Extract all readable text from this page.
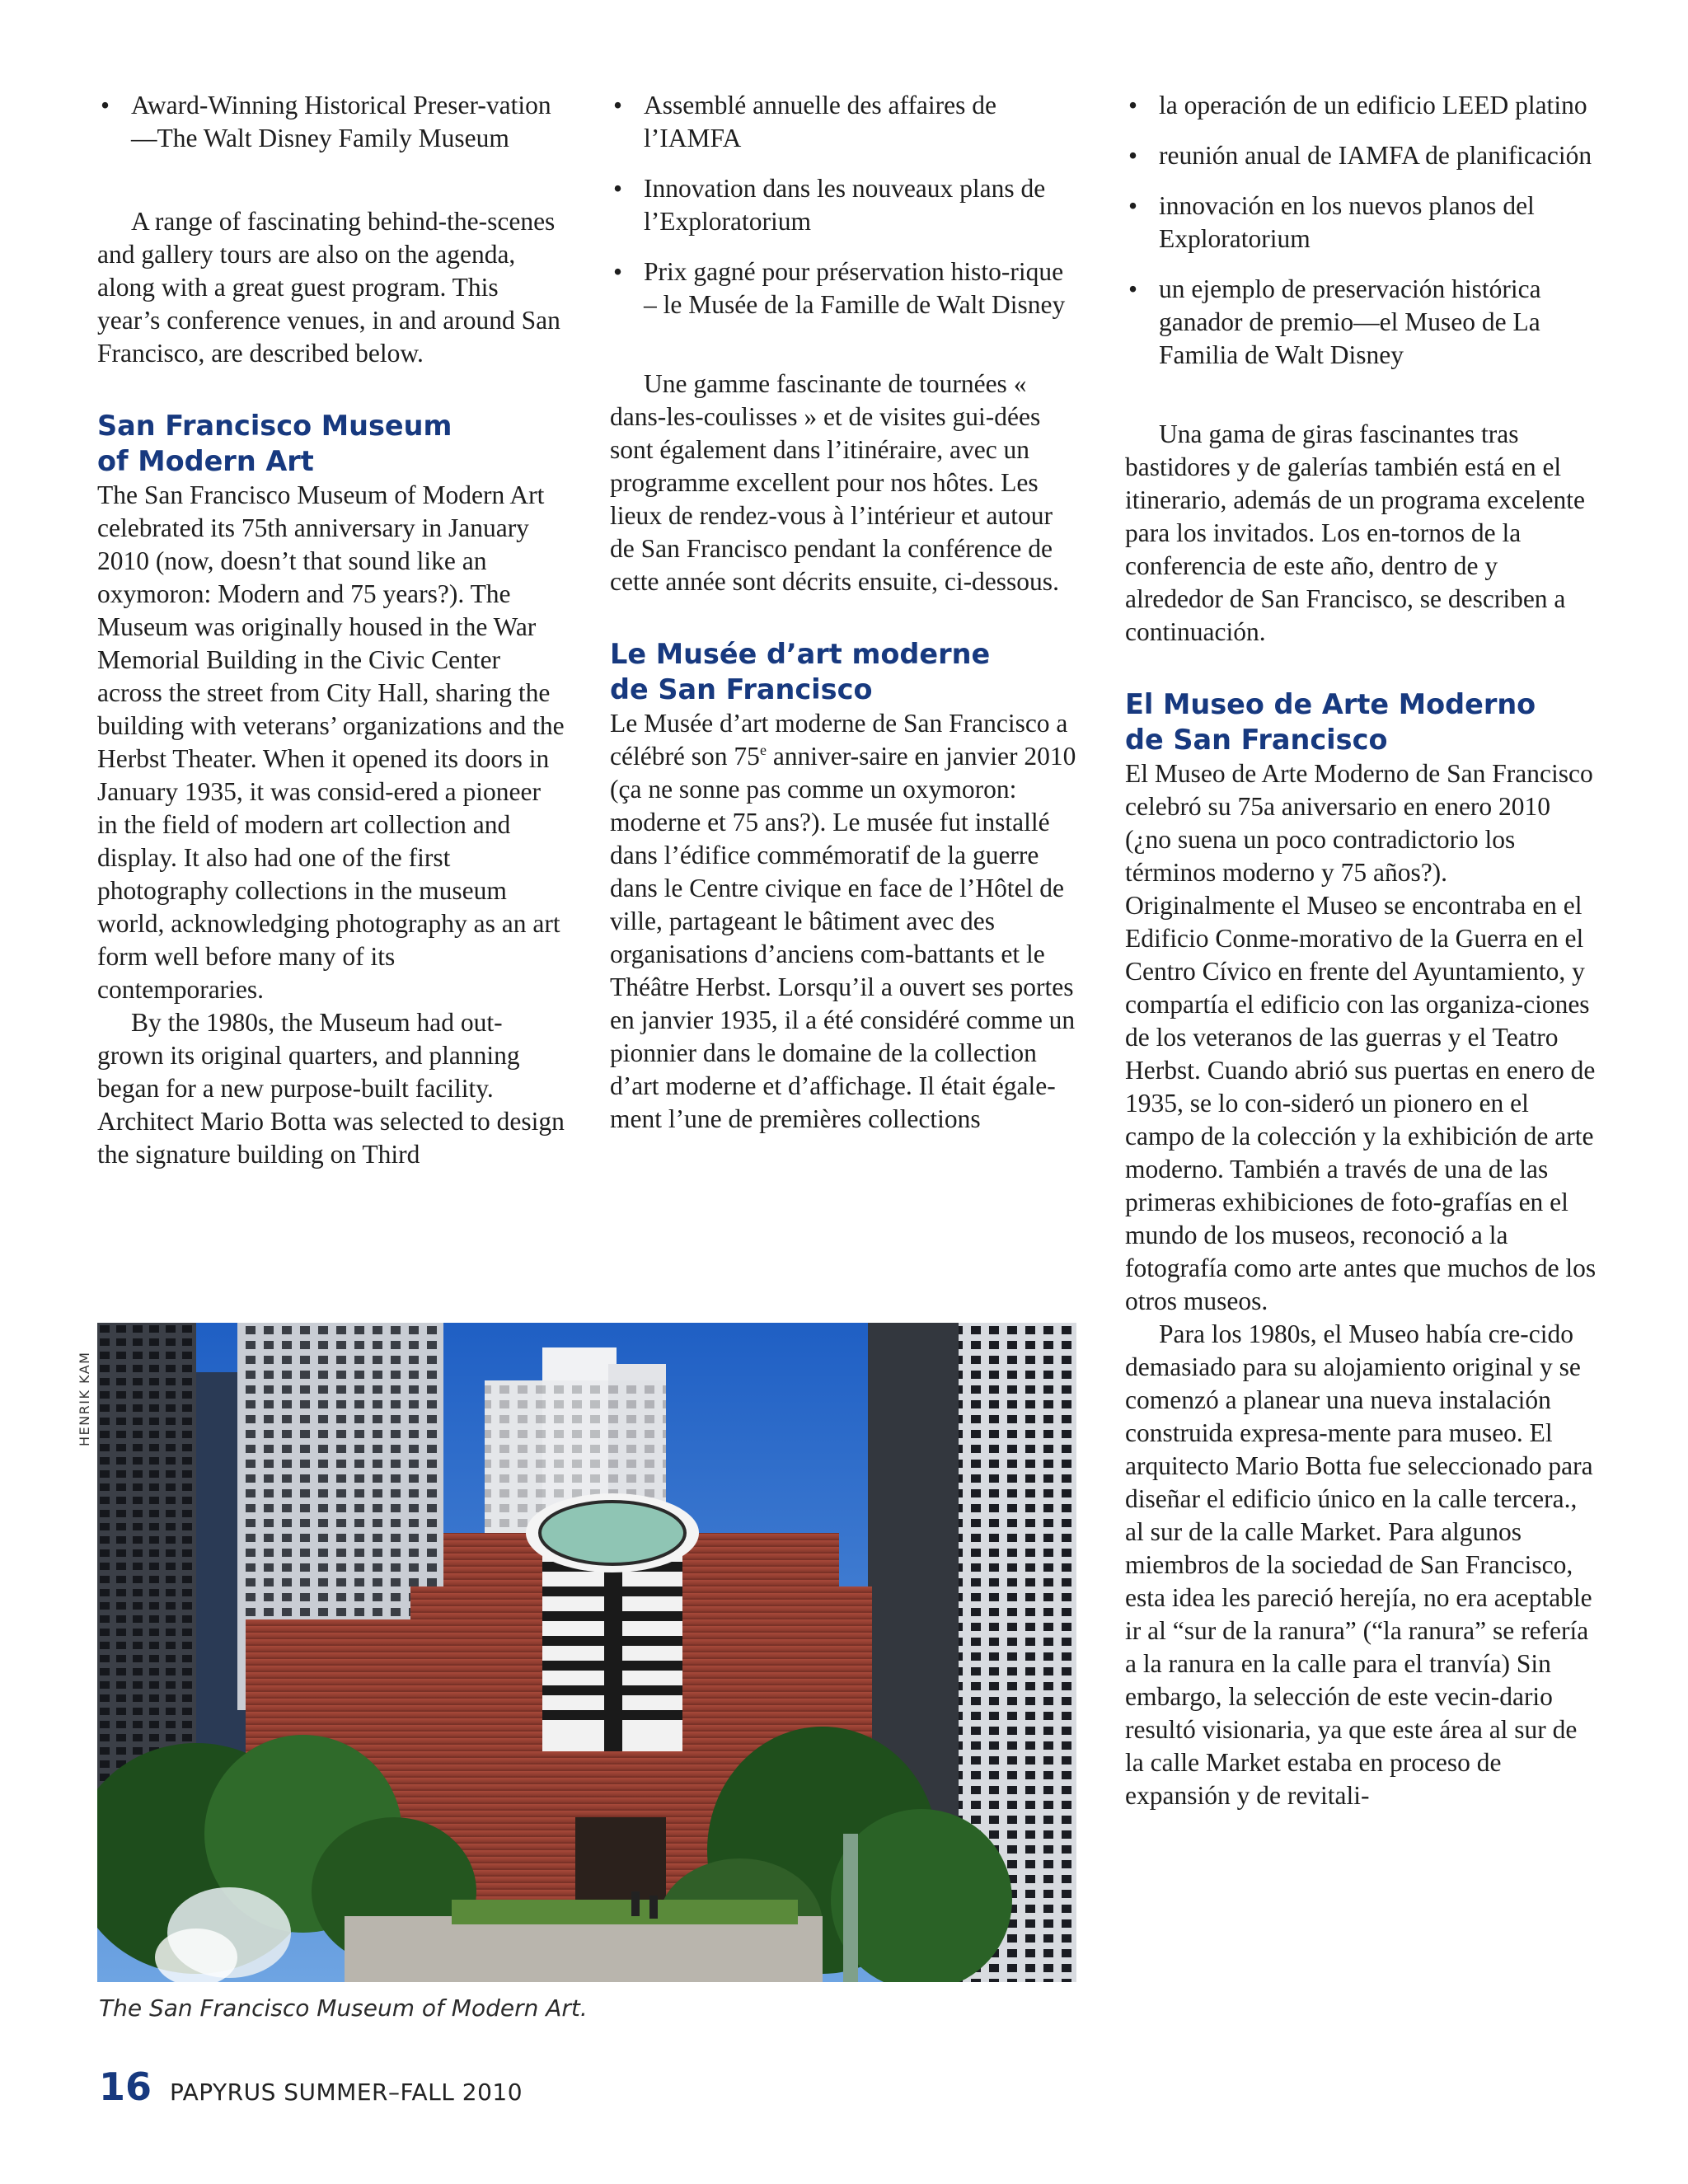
• Award-Winning Historical Preser-vation—The Walt Disney Family Museum

A range of fascinating behind-the-scenes and gallery tours are also on the agenda, along with a great guest program. This year’s conference venues, in and around San Francisco, are described below.

San Francisco Museum
of Modern Art

The San Francisco Museum of Modern Art celebrated its 75th anniversary in January 2010 (now, doesn’t that sound like an oxymoron: Modern and 75 years?). The Museum was originally housed in the War Memorial Building in the Civic Center across the street from City Hall, sharing the building with veterans’ organizations and the Herbst Theater. When it opened its doors in January 1935, it was consid-ered a pioneer in the field of modern art collection and display. It also had one of the first photography collections in the museum world, acknowledging photography as an art form well before many of its contemporaries.

By the 1980s, the Museum had out-grown its original quarters, and planning began for a new purpose-built facility. Architect Mario Botta was selected to design the signature building on Third

• Assemblé annuelle des affaires de l’IAMFA
• Innovation dans les nouveaux plans de l’Exploratorium
• Prix gagné pour préservation histo-rique – le Musée de la Famille de Walt Disney

Une gamme fascinante de tournées « dans-les-coulisses » et de visites gui-dées sont également dans l’itinéraire, avec un programme excellent pour nos hôtes. Les lieux de rendez-vous à l’intérieur et autour de San Francisco pendant la conférence de cette année sont décrits ensuite, ci-dessous.

Le Musée d’art moderne
de San Francisco

Le Musée d’art moderne de San Francisco a célébré son 75e anniver-saire en janvier 2010 (ça ne sonne pas comme un oxymoron: moderne et 75 ans?). Le musée fut installé dans l’édifice commémoratif de la guerre dans le Centre civique en face de l’Hôtel de ville, partageant le bâtiment avec des organisations d’anciens com-battants et le Théâtre Herbst. Lorsqu’il a ouvert ses portes en janvier 1935, il a été considéré comme un pionnier dans le domaine de la collection d’art moderne et d’affichage. Il était égale-ment l’une de premières collections

• la operación de un edificio LEED platino
• reunión anual de IAMFA de planificación
• innovación en los nuevos planos del Exploratorium
• un ejemplo de preservación histórica ganador de premio—el Museo de La Familia de Walt Disney

Una gama de giras fascinantes tras bastidores y de galerías también está en el itinerario, además de un programa excelente para los invitados. Los en-tornos de la conferencia de este año, dentro de y alrededor de San Francisco, se describen a continuación.

El Museo de Arte Moderno
de San Francisco

El Museo de Arte Moderno de San Francisco celebró su 75a aniversario en enero 2010 (¿no suena un poco contradictorio los términos moderno y 75 años?). Originalmente el Museo se encontraba en el Edificio Conme-morativo de la Guerra en el Centro Cívico en frente del Ayuntamiento, y compartía el edificio con las organiza-ciones de los veteranos de las guerras y el Teatro Herbst. Cuando abrió sus puertas en enero de 1935, se lo con-sideró un pionero en el campo de la colección y la exhibición de arte moderno. También a través de una de las primeras exhibiciones de foto-grafías en el mundo de los museos, reconoció a la fotografía como arte antes que muchos de los otros museos.

Para los 1980s, el Museo había cre-cido demasiado para su alojamiento original y se comenzó a planear una nueva instalación construida expresa-mente para museo. El arquitecto Mario Botta fue seleccionado para diseñar el edificio único en la calle tercera., al sur de la calle Market. Para algunos miembros de la sociedad de San Francisco, esta idea les pareció herejía, no era aceptable ir al “sur de la ranura” (“la ranura” se refería a la ranura en la calle para el tranvía) Sin embargo, la selección de este vecin-dario resultó visionaria, ya que este área al sur de la calle Market estaba en proceso de expansión y de revitali-

HENRIK KAM
The San Francisco Museum of Modern Art.
16 PAPYRUS SUMMER–FALL 2010
